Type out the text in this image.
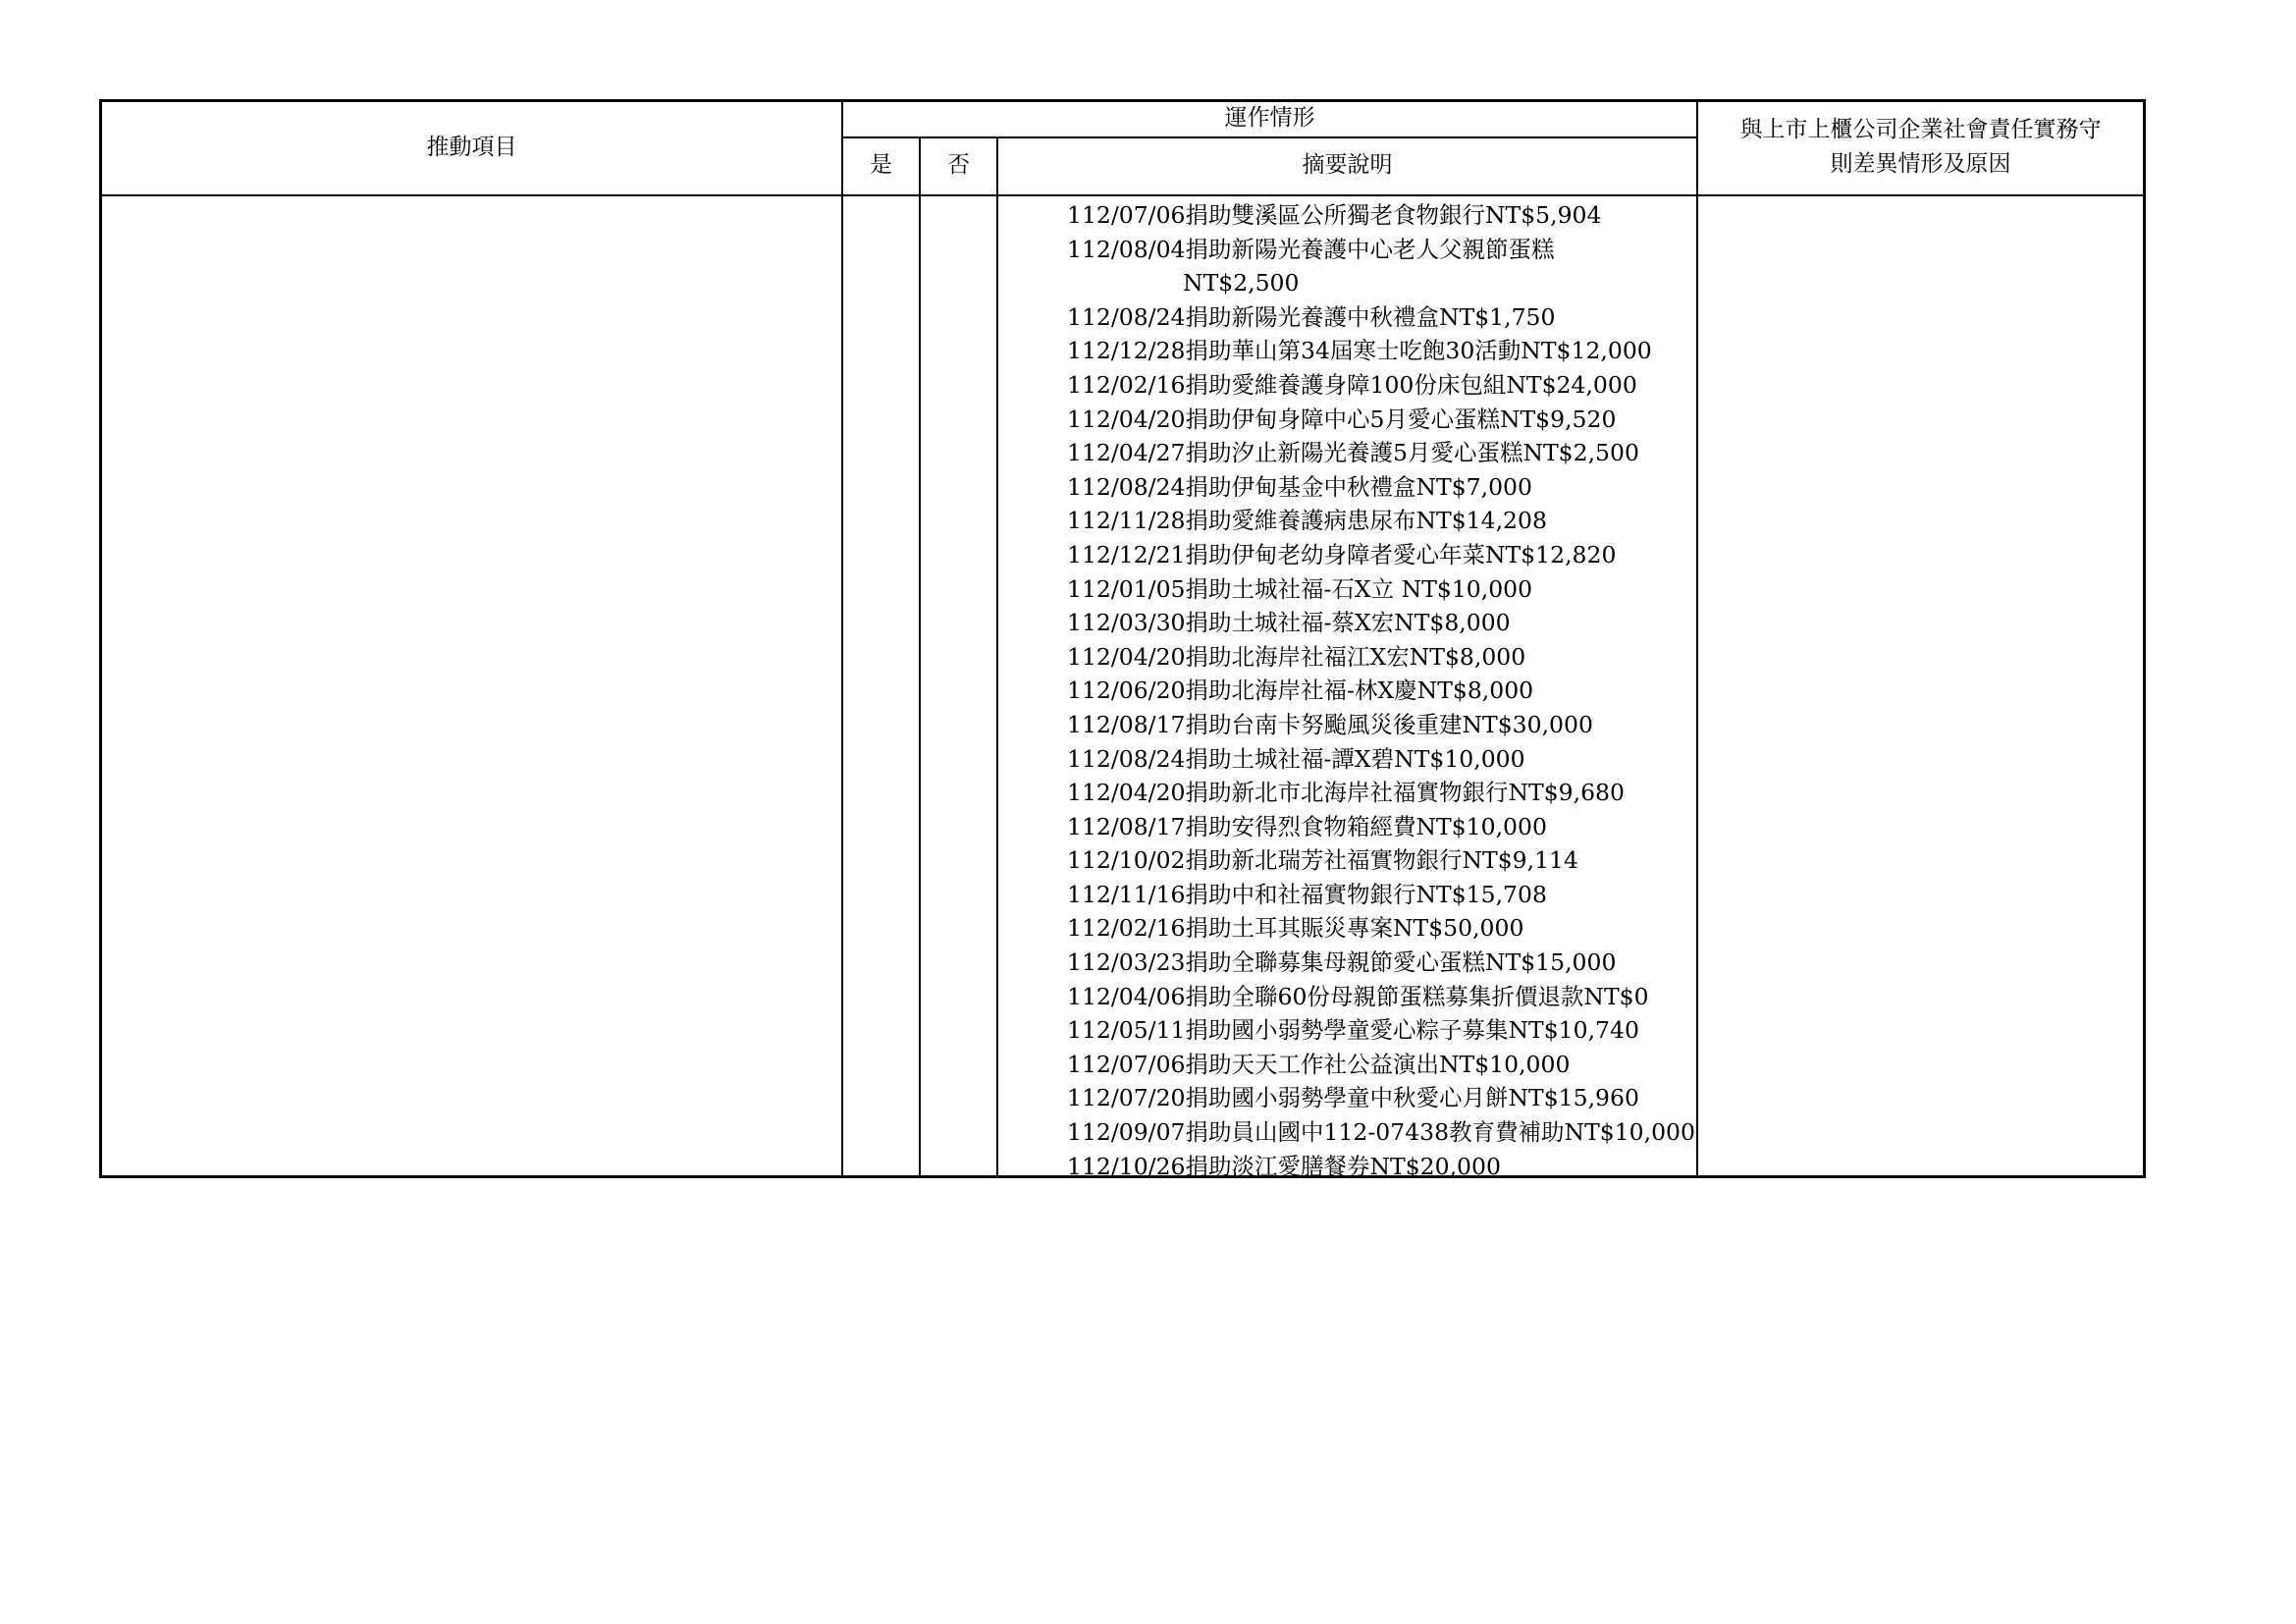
推動項目
運作情形
是	否	摘要說明
與上市上櫃公司企業社會責任實務守
則差異情形及原因
112/07/06捐助雙溪區公所獨老食物銀行NT$5,904
112/08/04捐助新陽光養護中心老人父親節蛋糕
NT$2,500
112/08/24捐助新陽光養護中秋禮盒NT$1,750
112/12/28捐助華山第34屆寒士吃飽30活動NT$12,000
112/02/16捐助愛維養護身障100份床包組NT$24,000
112/04/20捐助伊甸身障中心5月愛心蛋糕NT$9,520
112/04/27捐助汐止新陽光養護5月愛心蛋糕NT$2,500
112/08/24捐助伊甸基金中秋禮盒NT$7,000
112/11/28捐助愛維養護病患尿布NT$14,208
112/12/21捐助伊甸老幼身障者愛心年菜NT$12,820
112/01/05捐助土城社福-石X立 NT$10,000
112/03/30捐助土城社福-蔡X宏NT$8,000
112/04/20捐助北海岸社福江X宏NT$8,000
112/06/20捐助北海岸社福-林X慶NT$8,000
112/08/17捐助台南卡努颱風災後重建NT$30,000
112/08/24捐助土城社福-譚X碧NT$10,000
112/04/20捐助新北市北海岸社福實物銀行NT$9,680
112/08/17捐助安得烈食物箱經費NT$10,000
112/10/02捐助新北瑞芳社福實物銀行NT$9,114
112/11/16捐助中和社福實物銀行NT$15,708
112/02/16捐助土耳其賑災專案NT$50,000
112/03/23捐助全聯募集母親節愛心蛋糕NT$15,000
112/04/06捐助全聯60份母親節蛋糕募集折價退款NT$0
112/05/11捐助國小弱勢學童愛心粽子募集NT$10,740
112/07/06捐助天天工作社公益演出NT$10,000
112/07/20捐助國小弱勢學童中秋愛心月餅NT$15,960
112/09/07捐助員山國中112-07438教育費補助NT$10,000
112/10/26捐助淡江愛膳餐券NT$20,000
